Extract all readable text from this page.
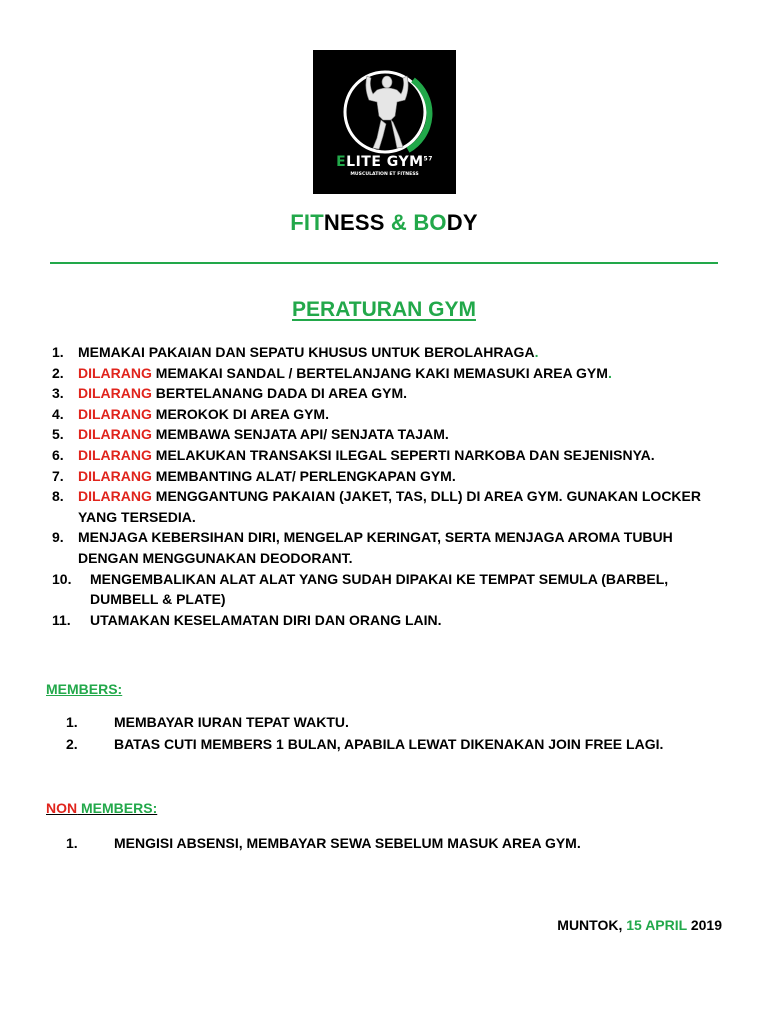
ELITE GYM$^{57}$
MUSCULATION ET FITNESS
FITNESS & BODY
PERATURAN GYM
1.	MEMAKAI PAKAIAN DAN SEPATU KHUSUS UNTUK BEROLAHRAGA.
2.	DILARANG MEMAKAI SANDAL / BERTELANJANG KAKI MEMASUKI AREA GYM.
3.	DILARANG BERTELANANG DADA DI AREA GYM.
4.	DILARANG MEROKOK DI AREA GYM.
5.	DILARANG MEMBAWA SENJATA API/ SENJATA TAJAM.
6.	DILARANG MELAKUKAN TRANSAKSI ILEGAL SEPERTI NARKOBA DAN SEJENISNYA.
7.	DILARANG MEMBANTING ALAT/ PERLENGKAPAN GYM.
8.	DILARANG MENGGANTUNG PAKAIAN (JAKET, TAS, DLL) DI AREA GYM. GUNAKAN LOCKER YANG TERSEDIA.
9.	MENJAGA KEBERSIHAN DIRI, MENGELAP KERINGAT, SERTA MENJAGA AROMA TUBUH DENGAN MENGGUNAKAN DEODORANT.
10.	MENGEMBALIKAN ALAT ALAT YANG SUDAH DIPAKAI KE TEMPAT SEMULA (BARBEL, DUMBELL & PLATE)
11.	UTAMAKAN KESELAMATAN DIRI DAN ORANG LAIN.
MEMBERS:
1.	MEMBAYAR IURAN TEPAT WAKTU.
2.	BATAS CUTI MEMBERS 1 BULAN, APABILA LEWAT DIKENAKAN JOIN FREE LAGI.
NON MEMBERS:
1.	MENGISI ABSENSI, MEMBAYAR SEWA SEBELUM MASUK AREA GYM.
MUNTOK, 15 APRIL 2019
